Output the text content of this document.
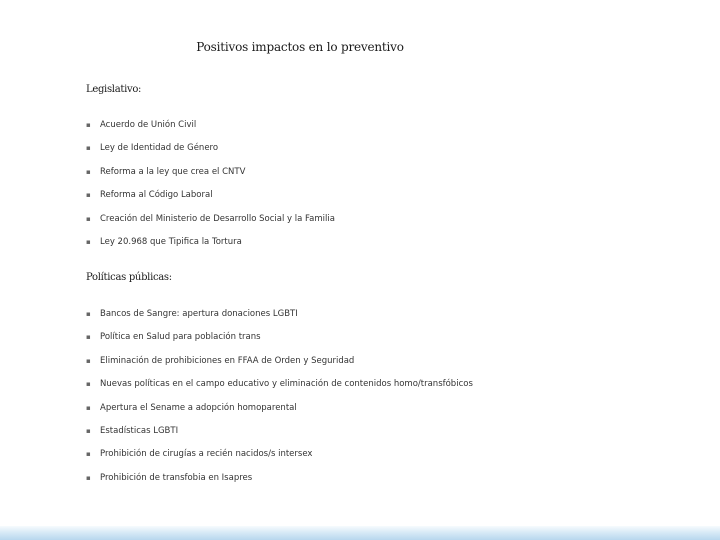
Positivos impactos en lo preventivo
Legislativo:
▪ Acuerdo de Unión Civil
▪ Ley de Identidad de Género
▪ Reforma a la ley que crea el CNTV
▪ Reforma al Código Laboral
▪ Creación del Ministerio de Desarrollo Social y la Familia
▪ Ley 20.968 que Tipifica la Tortura
Políticas públicas:
▪ Bancos de Sangre: apertura donaciones LGBTI
▪ Política en Salud para población trans
▪ Eliminación de prohibiciones en FFAA de Orden y Seguridad
▪ Nuevas políticas en el campo educativo y eliminación de contenidos homo/transfóbicos
▪ Apertura el Sename a adopción homoparental
▪ Estadísticas LGBTI
▪ Prohibición de cirugías a recién nacidos/s intersex
▪ Prohibición de transfobia en Isapres
